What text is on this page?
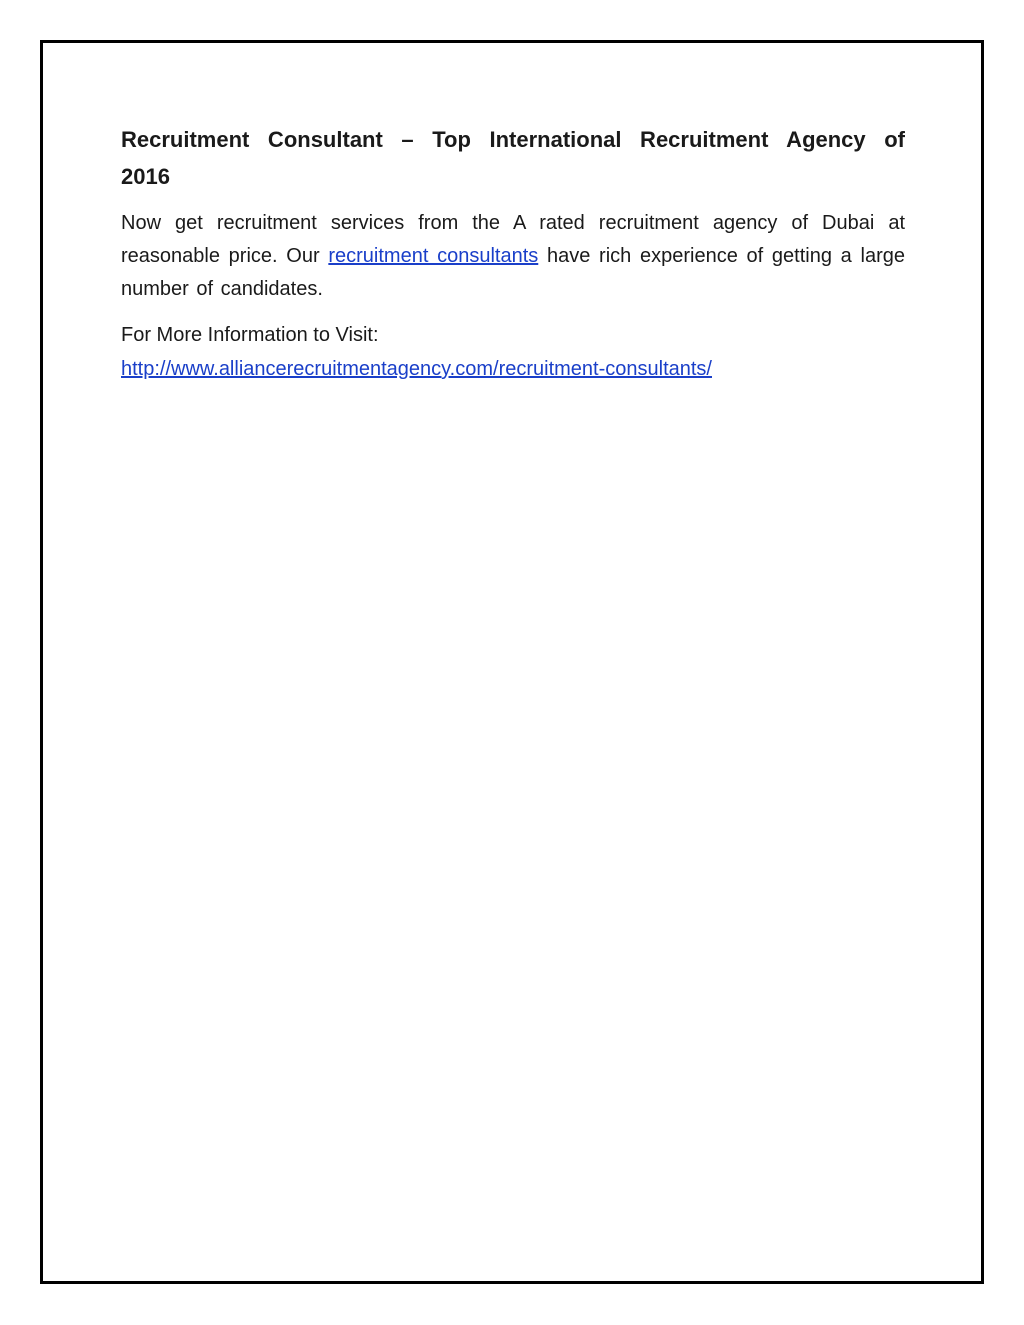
Recruitment Consultant – Top International Recruitment Agency of 2016

Now get recruitment services from the A rated recruitment agency of Dubai at reasonable price. Our recruitment consultants have rich experience of getting a large number of candidates.

For More Information to Visit:
http://www.alliancerecruitmentagency.com/recruitment-consultants/
